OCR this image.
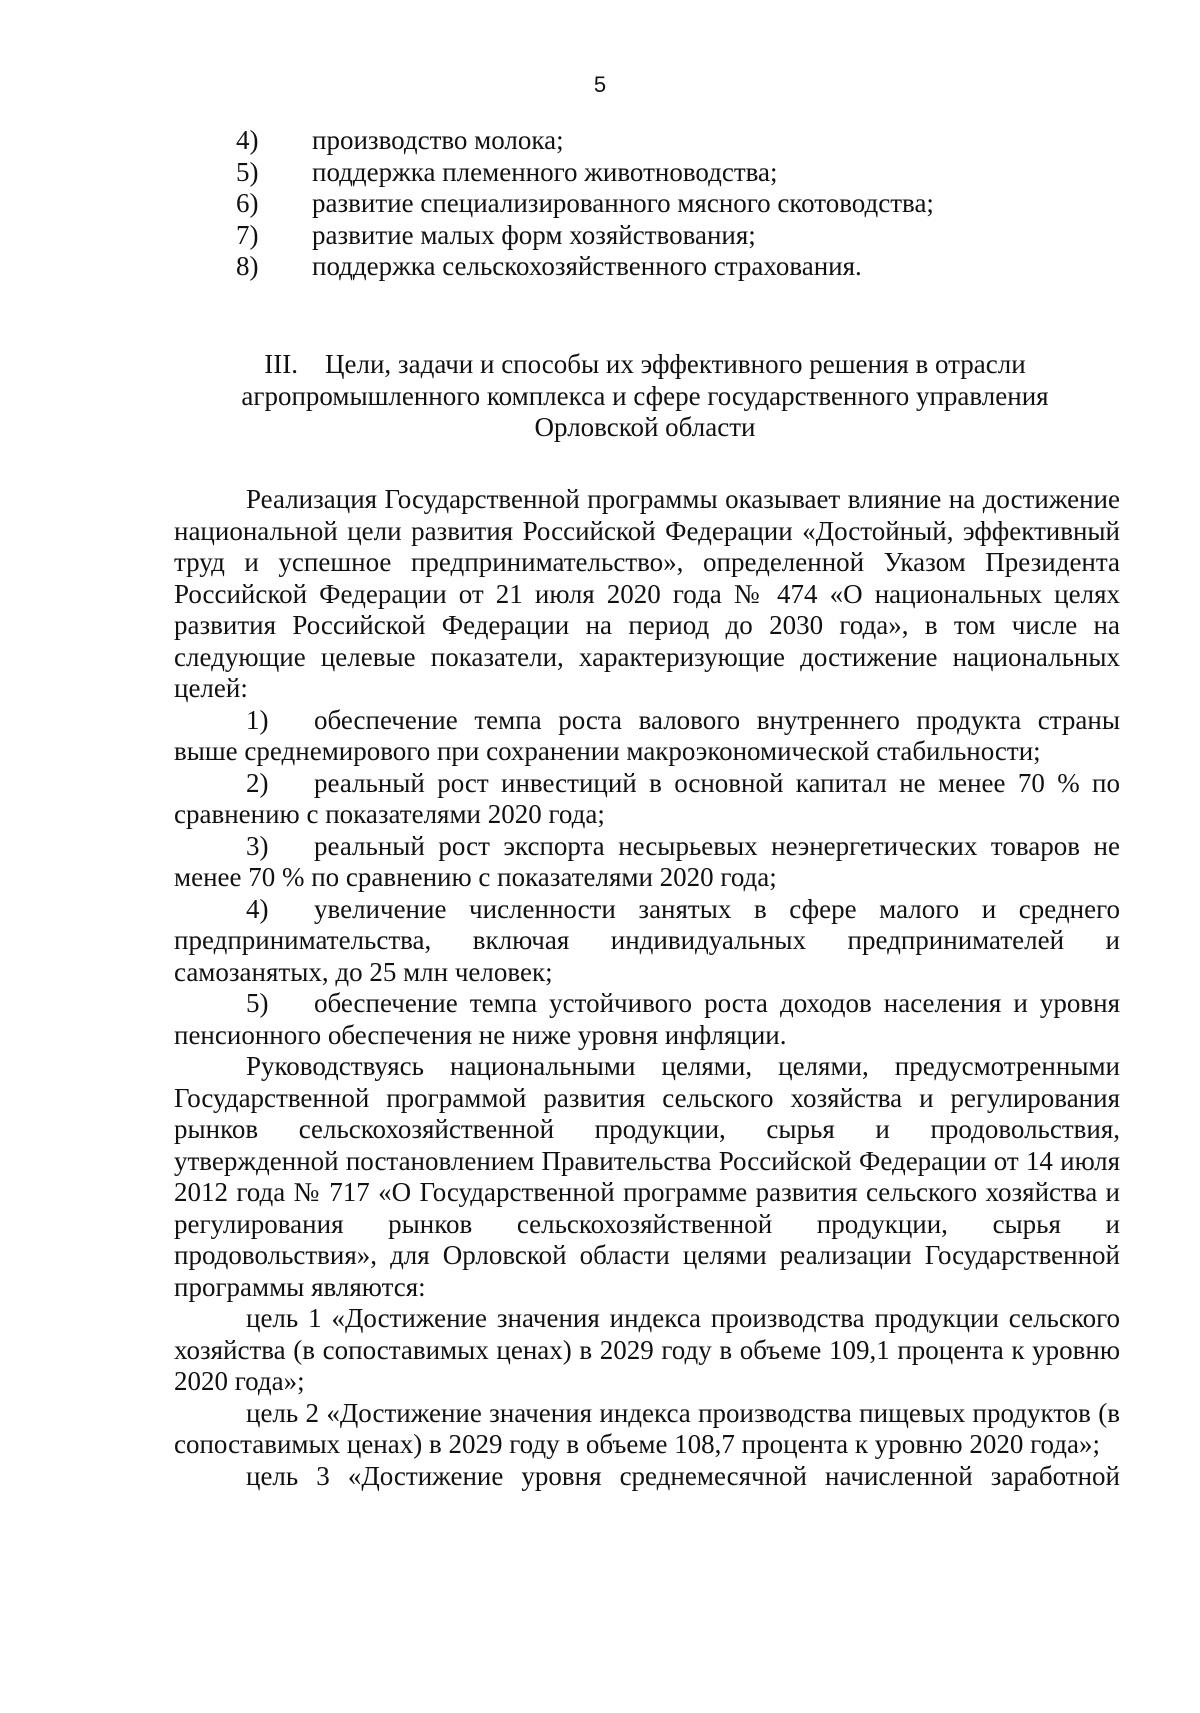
5
4)	производство молока;
5)	поддержка племенного животноводства;
6)	развитие специализированного мясного скотоводства;
7)	развитие малых форм хозяйствования;
8)	поддержка сельскохозяйственного страхования.
III.    Цели, задачи и способы их эффективного решения в отрасли
агропромышленного комплекса и сфере государственного управления
Орловской области

Реализация Государственной программы оказывает влияние на достижение национальной цели развития Российской Федерации «Достойный, эффективный труд и успешное предпринимательство», определенной Указом Президента Российской Федерации от 21 июля 2020 года № 474 «О национальных целях развития Российской Федерации на период до 2030 года», в том числе на следующие целевые показатели, характеризующие достижение национальных целей:

1) обеспечение темпа роста валового внутреннего продукта страны выше среднемирового при сохранении макроэкономической стабильности;

2) реальный рост инвестиций в основной капитал не менее 70 % по сравнению с показателями 2020 года;

3) реальный рост экспорта несырьевых неэнергетических товаров не менее 70 % по сравнению с показателями 2020 года;

4) увеличение численности занятых в сфере малого и среднего предпринимательства, включая индивидуальных предпринимателей и самозанятых, до 25 млн человек;

5) обеспечение темпа устойчивого роста доходов населения и уровня пенсионного обеспечения не ниже уровня инфляции.

Руководствуясь национальными целями, целями, предусмотренными Государственной программой развития сельского хозяйства и регулирования рынков сельскохозяйственной продукции, сырья и продовольствия, утвержденной постановлением Правительства Российской Федерации от 14 июля 2012 года № 717 «О Государственной программе развития сельского хозяйства и регулирования рынков сельскохозяйственной продукции, сырья и продовольствия», для Орловской области целями реализации Государственной программы являются:

цель 1 «Достижение значения индекса производства продукции сельского хозяйства (в сопоставимых ценах) в 2029 году в объеме 109,1 процента к уровню 2020 года»;

цель 2 «Достижение значения индекса производства пищевых продуктов (в сопоставимых ценах) в 2029 году в объеме 108,7 процента к уровню 2020 года»;

цель 3 «Достижение уровня среднемесячной начисленной заработной
